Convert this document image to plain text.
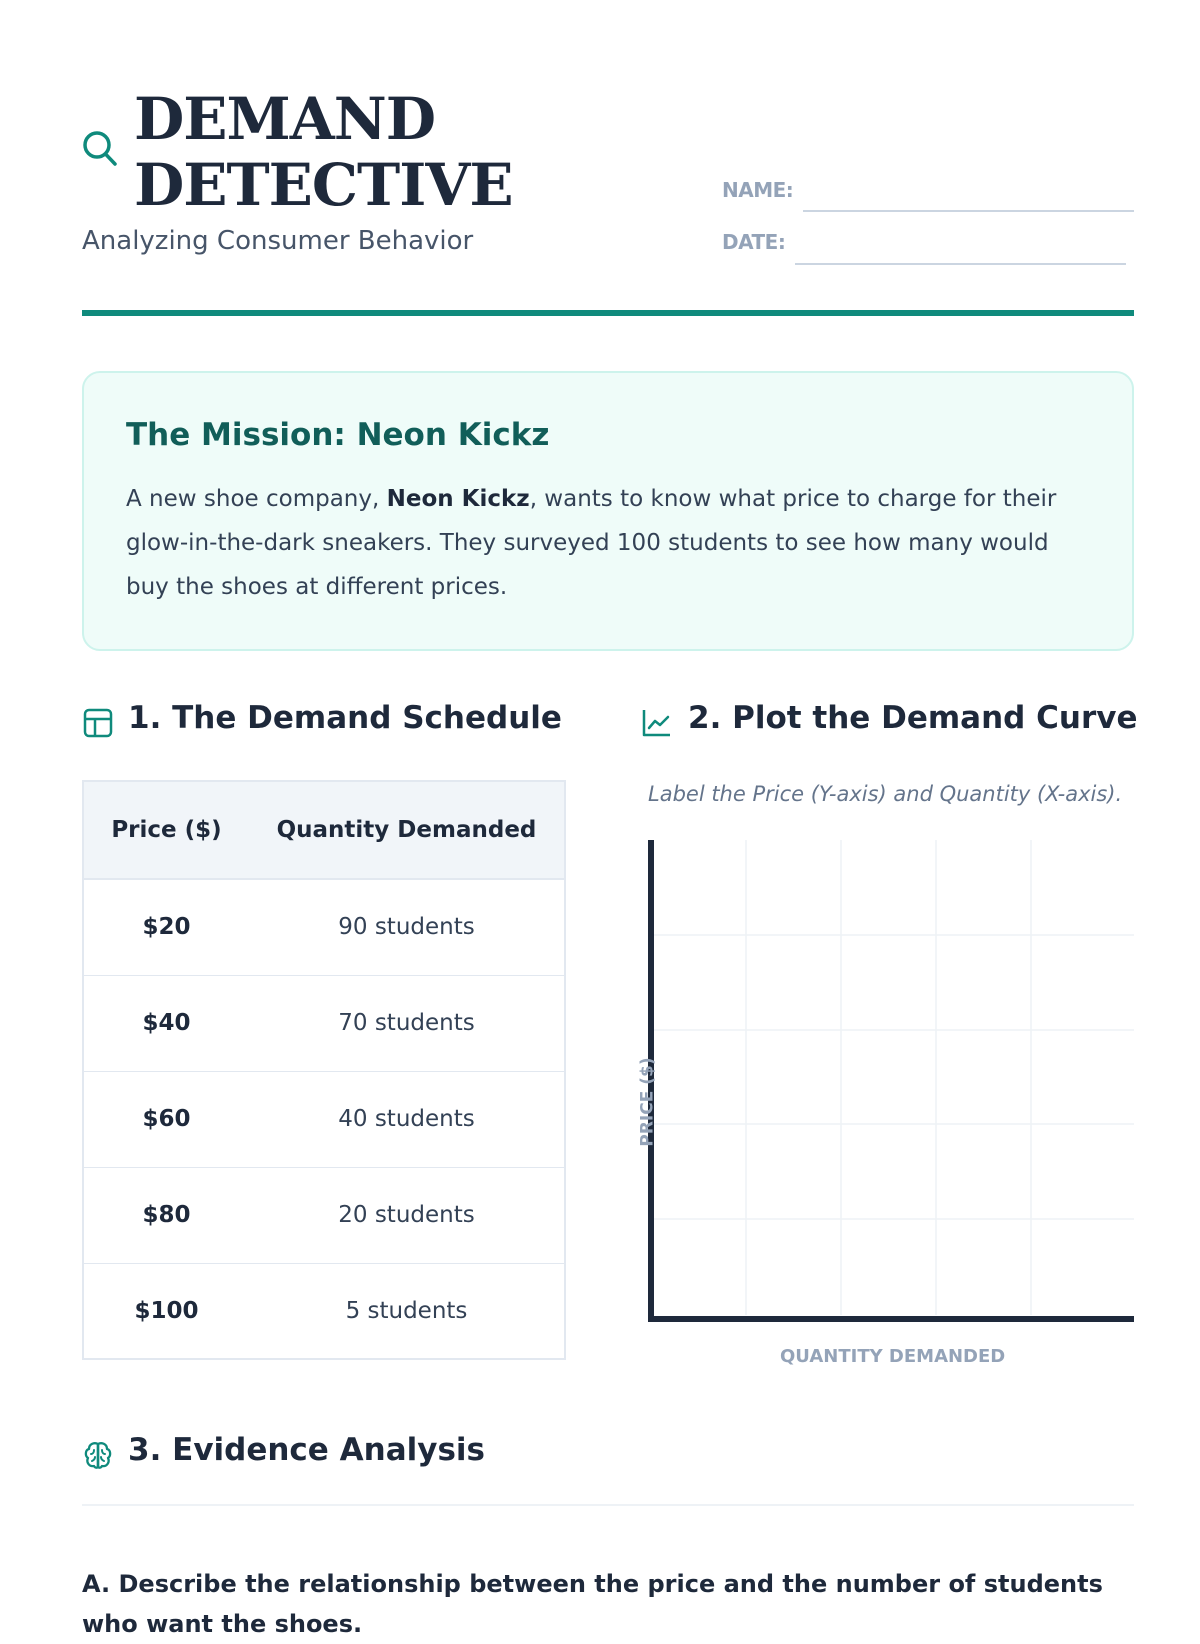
DEMAND
DETECTIVE
Analyzing Consumer Behavior
NAME:
DATE:
The Mission: Neon Kickz
A new shoe company, Neon Kickz, wants to know what price to charge for their glow-in-the-dark sneakers. They surveyed 100 students to see how many would buy the shoes at different prices.
1. The Demand Schedule
Price ($)	Quantity Demanded
$20	90 students
$40	70 students
$60	40 students
$80	20 students
$100	5 students
2. Plot the Demand Curve
Label the Price (Y-axis) and Quantity (X-axis).
PRICE ($)
QUANTITY DEMANDED
3. Evidence Analysis
A. Describe the relationship between the price and the number of students who want the shoes.
